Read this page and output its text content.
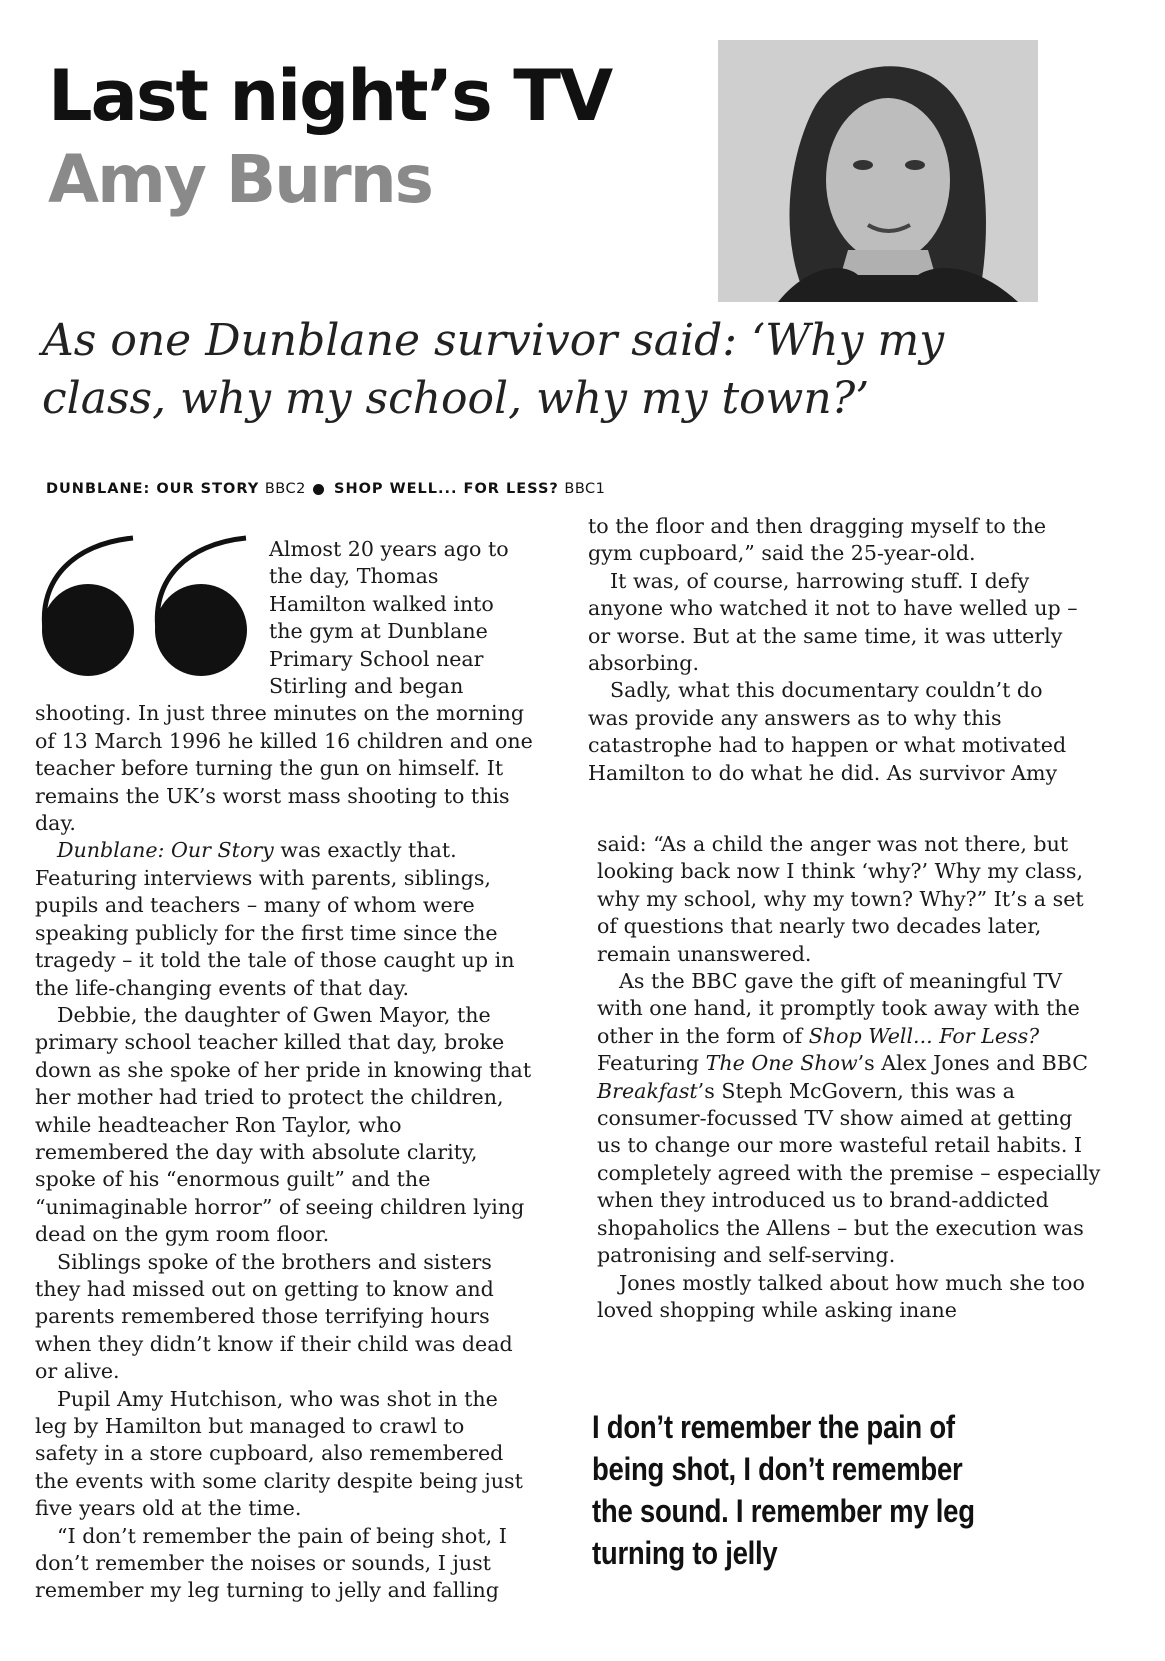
Last night’s TV
Amy Burns
As one Dunblane survivor said: ‘Why my class, why my school, why my town?’
DUNBLANE: OUR STORY BBC2 SHOP WELL... FOR LESS? BBC1

Almost 20 years ago to the day, Thomas Hamilton walked into the gym at Dunblane Primary School near Stirling and began shooting. In just three minutes on the morning of 13 March 1996 he killed 16 children and one teacher before turning the gun on himself. It remains the UK’s worst mass shooting to this day.

Dunblane: Our Story was exactly that. Featuring interviews with parents, siblings, pupils and teachers – many of whom were speaking publicly for the first time since the tragedy – it told the tale of those caught up in the life-changing events of that day.

Debbie, the daughter of Gwen Mayor, the primary school teacher killed that day, broke down as she spoke of her pride in knowing that her mother had tried to protect the children, while headteacher Ron Taylor, who remembered the day with absolute clarity, spoke of his “enormous guilt” and the “unimaginable horror” of seeing children lying dead on the gym room floor.

Siblings spoke of the brothers and sisters they had missed out on getting to know and parents remembered those terrifying hours when they didn’t know if their child was dead or alive.

Pupil Amy Hutchison, who was shot in the leg by Hamilton but managed to crawl to safety in a store cupboard, also remembered the events with some clarity despite being just five years old at the time.

“I don’t remember the pain of being shot, I don’t remember the noises or sounds, I just remember my leg turning to jelly and falling

to the floor and then dragging myself to the gym cupboard,” said the 25-year-old.

It was, of course, harrowing stuff. I defy anyone who watched it not to have welled up – or worse. But at the same time, it was utterly absorbing.

Sadly, what this documentary couldn’t do was provide any answers as to why this catastrophe had to happen or what motivated Hamilton to do what he did. As survivor Amy

said: “As a child the anger was not there, but looking back now I think ‘why?’ Why my class, why my school, why my town? Why?” It’s a set of questions that nearly two decades later, remain unanswered.

As the BBC gave the gift of meaningful TV with one hand, it promptly took away with the other in the form of Shop Well... For Less? Featuring The One Show’s Alex Jones and BBC Breakfast’s Steph McGovern, this was a consumer-focussed TV show aimed at getting us to change our more wasteful retail habits. I completely agreed with the premise – especially when they introduced us to brand-addicted shopaholics the Allens – but the execution was patronising and self-serving.

Jones mostly talked about how much she too loved shopping while asking inane

I don’t remember the pain of being shot, I don’t remember the sound. I remember my leg turning to jelly
